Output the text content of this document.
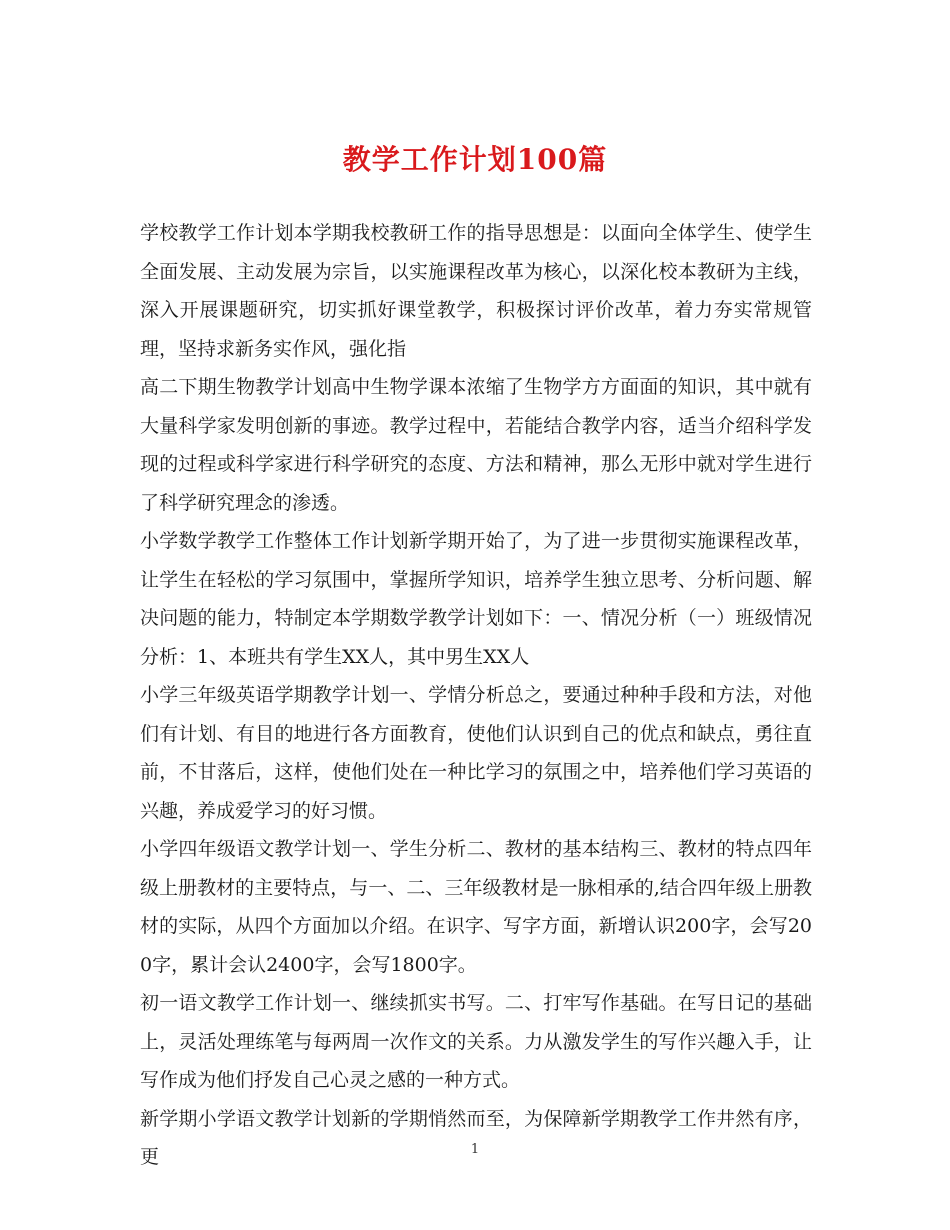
教学工作计划100篇

学校教学工作计划本学期我校教研工作的指导思想是：以面向全体学生、使学生全面发展、主动发展为宗旨，以实施课程改革为核心，以深化校本教研为主线，深入开展课题研究，切实抓好课堂教学，积极探讨评价改革，着力夯实常规管理，坚持求新务实作风，强化指

高二下期生物教学计划高中生物学课本浓缩了生物学方方面面的知识，其中就有大量科学家发明创新的事迹。教学过程中，若能结合教学内容，适当介绍科学发现的过程或科学家进行科学研究的态度、方法和精神，那么无形中就对学生进行了科学研究理念的渗透。

小学数学教学工作整体工作计划新学期开始了，为了进一步贯彻实施课程改革，让学生在轻松的学习氛围中，掌握所学知识，培养学生独立思考、分析问题、解决问题的能力，特制定本学期数学教学计划如下：一、情况分析（一）班级情况分析：1、本班共有学生XX人，其中男生XX人

小学三年级英语学期教学计划一、学情分析总之，要通过种种手段和方法，对他们有计划、有目的地进行各方面教育，使他们认识到自己的优点和缺点，勇往直前，不甘落后，这样，使他们处在一种比学习的氛围之中，培养他们学习英语的兴趣，养成爱学习的好习惯。

小学四年级语文教学计划一、学生分析二、教材的基本结构三、教材的特点四年级上册教材的主要特点，与一、二、三年级教材是一脉相承的,结合四年级上册教材的实际，从四个方面加以介绍。在识字、写字方面，新增认识200字，会写200字，累计会认2400字，会写1800字。

初一语文教学工作计划一、继续抓实书写。二、打牢写作基础。在写日记的基础上，灵活处理练笔与每两周一次作文的关系。力从激发学生的写作兴趣入手，让写作成为他们抒发自己心灵之感的一种方式。

新学期小学语文教学计划新的学期悄然而至，为保障新学期教学工作井然有序，更	1
